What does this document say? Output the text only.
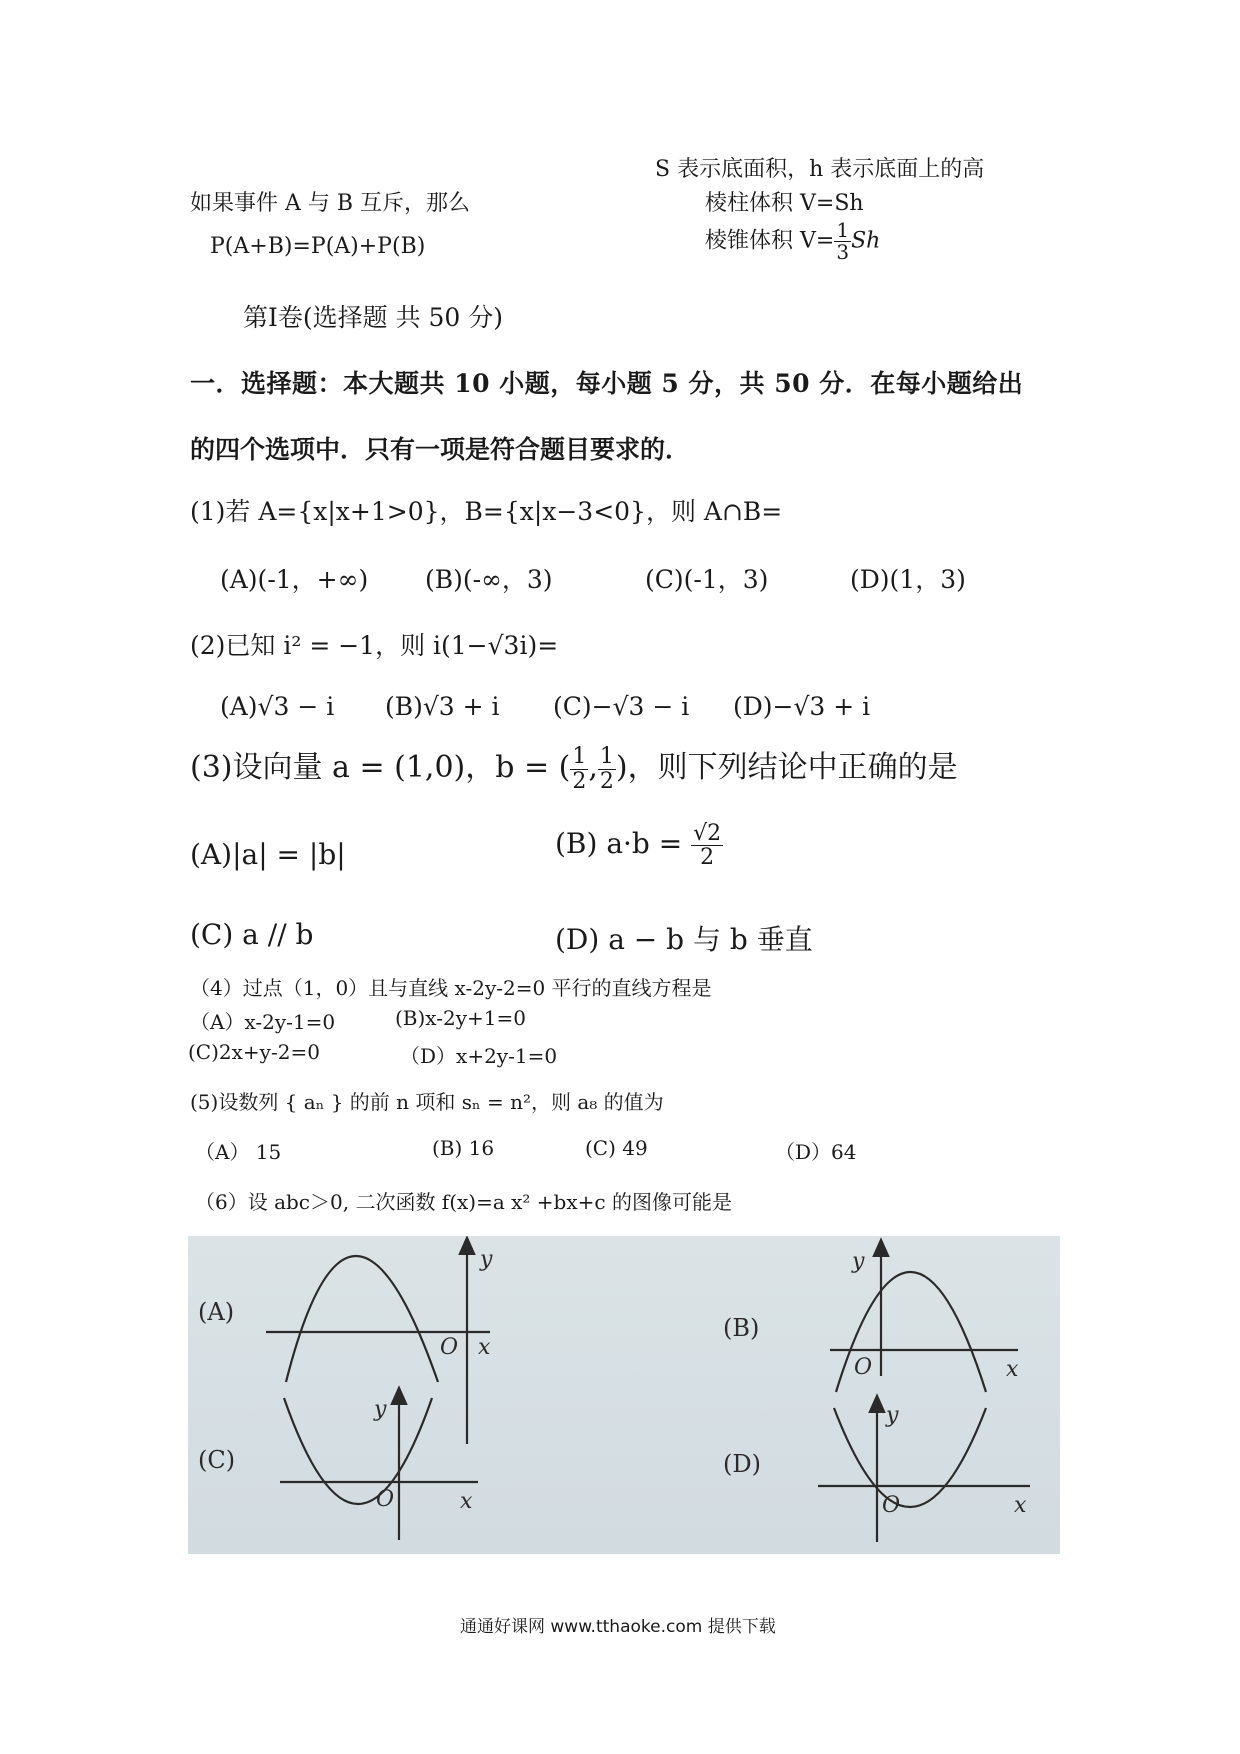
S 表示底面积，h 表示底面上的高
如果事件 A 与 B 互斥，那么	棱柱体积 V=Sh
P(A+B)=P(A)+P(B)	棱锥体积 $V= \frac{1}{3}$ Sh
第Ⅰ卷(选择题 共 50 分)
一．选择题：本大题共 10 小题，每小题 5 分，共 50 分．在每小题给出
的四个选项中．只有一项是符合题目要求的．
(1)若 A={x|x+1>0}，B={x|x−3<0}，则 A∩B=
(A)(-1，+∞) (B)(-∞，3)	(C)(-1，3)	(D)(1，3)
(2)已知 i² = −1，则 i(1−√3i)=
(A)√3 − i (B)√3 + i (C)−√3 − i (D)−√3 + i
(3)设向量 a = (1,0)，b = ( $\frac{1}{2}$ , $\frac{1}{2}$ )，则下列结论中正确的是
(A)|a| = |b|	(B) $a\cdot b = \frac{√2}{2}$
(C) a // b	(D) a − b 与 b 垂直
（4）过点（1，0）且与直线 x-2y-2=0 平行的直线方程是
（A）x-2y-1=0	(B)x-2y+1=0
(C)2x+y-2=0	（D）x+2y-1=0
(5)设数列 { aₙ } 的前 n 项和 sₙ = n²，则 a₈ 的值为
（A） 15	(B) 16	(C) 49	（D）64
（6）设 abc＞0, 二次函数 f(x)=a x² +bx+c 的图像可能是
(A)
(B)
(C)	(D)
y
O x
y
O	x
y
O	x
y
O	x
通通好课网 www.tthaoke.com 提供下载
